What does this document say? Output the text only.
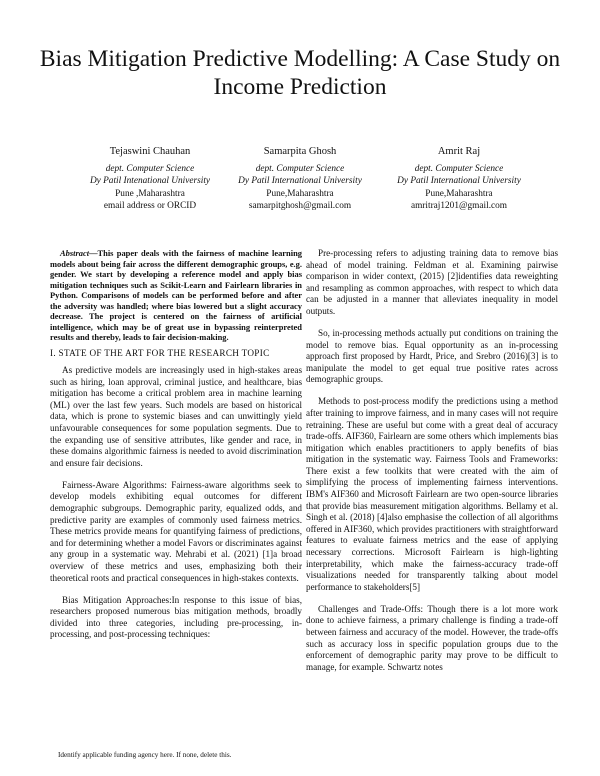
Bias Mitigation Predictive Modelling: A Case Study on Income Prediction
Tejaswini Chauhan
dept. Computer Science
Dy Patil Intenational University
Pune ,Maharashtra
email address or ORCID
Samarpita Ghosh
dept. Computer Science
Dy Patil International University
Pune,Maharashtra
samarpitghosh@gmail.com
Amrit Raj
dept. Computer Science
Dy Patil International University
Pune,Maharashtra
amritraj1201@gmail.com

Abstract—This paper deals with the fairness of machine learning models about being fair across the different demographic groups, e.g. gender. We start by developing a reference model and apply bias mitigation techniques such as Scikit-Learn and Fairlearn libraries in Python. Comparisons of models can be performed before and after the adversity was handled; where bias lowered but a slight accuracy decrease. The project is centered on the fairness of artificial intelligence, which may be of great use in bypassing reinterpreted results and thereby, leads to fair decision-making.

I. STATE OF THE ART FOR THE RESEARCH TOPIC

As predictive models are increasingly used in high-stakes areas such as hiring, loan approval, criminal justice, and healthcare, bias mitigation has become a critical problem area in machine learning (ML) over the last few years. Such models are based on historical data, which is prone to systemic biases and can unwittingly yield unfavourable consequences for some population segments. Due to the expanding use of sensitive attributes, like gender and race, in these domains algorithmic fairness is needed to avoid discrimination and ensure fair decisions.

Fairness-Aware Algorithms: Fairness-aware algorithms seek to develop models exhibiting equal outcomes for different demographic subgroups. Demographic parity, equalized odds, and predictive parity are examples of commonly used fairness metrics. These metrics provide means for quantifying fairness of predictions, and for determining whether a model Favors or discriminates against any group in a systematic way. Mehrabi et al. (2021) [1]a broad overview of these metrics and uses, emphasizing both their theoretical roots and practical consequences in high-stakes contexts.

Bias Mitigation Approaches:In response to this issue of bias, researchers proposed numerous bias mitigation methods, broadly divided into three categories, including pre-processing, in-processing, and post-processing techniques:

Pre-processing refers to adjusting training data to remove bias ahead of model training. Feldman et al. Examining pairwise comparison in wider context, (2015) [2]identifies data reweighting and resampling as common approaches, with respect to which data can be adjusted in a manner that alleviates inequality in model outputs.

So, in-processing methods actually put conditions on training the model to remove bias. Equal opportunity as an in-processing approach first proposed by Hardt, Price, and Srebro (2016)[3] is to manipulate the model to get equal true positive rates across demographic groups.

Methods to post-process modify the predictions using a method after training to improve fairness, and in many cases will not require retraining. These are useful but come with a great deal of accuracy trade-offs. AIF360, Fairlearn are some others which implements bias mitigation which enables practitioners to apply benefits of bias mitigation in the systematic way. Fairness Tools and Frameworks: There exist a few toolkits that were created with the aim of simplifying the process of implementing fairness interventions. IBM's AIF360 and Microsoft Fairlearn are two open-source libraries that provide bias measurement mitigation algorithms. Bellamy et al. Singh et al. (2018) [4]also emphasise the collection of all algorithms offered in AIF360, which provides practitioners with straightforward features to evaluate fairness metrics and the ease of applying necessary corrections. Microsoft Fairlearn is high-lighting interpretability, which make the fairness-accuracy trade-off visualizations needed for transparently talking about model performance to stakeholders[5]

Challenges and Trade-Offs: Though there is a lot more work done to achieve fairness, a primary challenge is finding a trade-off between fairness and accuracy of the model. However, the trade-offs such as accuracy loss in specific population groups due to the enforcement of demographic parity may prove to be difficult to manage, for example. Schwartz notes

Identify applicable funding agency here. If none, delete this.
